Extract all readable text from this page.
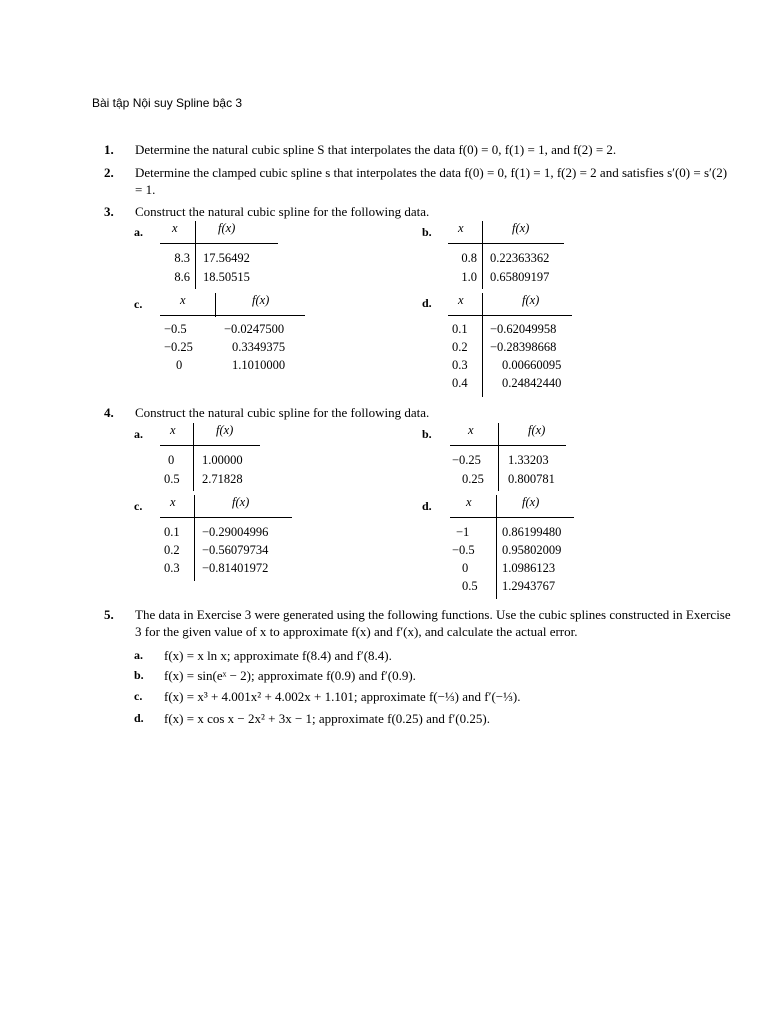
Bài tập Nội suy Spline bậc 3
1. Determine the natural cubic spline S that interpolates the data f(0) = 0, f(1) = 1, and f(2) = 2.
2. Determine the clamped cubic spline s that interpolates the data f(0) = 0, f(1) = 1, f(2) = 2 and satisfies s′(0) = s′(2) = 1.
3. Construct the natural cubic spline for the following data.
a. x	f(x)
8.3 17.56492
8.6 18.50515
b. x	f(x)
0.8 0.22363362
1.0 0.65809197
c.	x	f(x)
−0.5	−0.0247500
−0.25	0.3349375
0	1.1010000
d. x	f(x)
0.1 −0.62049958
0.2 −0.28398668
0.3	0.00660095
0.4	0.24842440
4. Construct the natural cubic spline for the following data.
a. x	f(x)
0 1.00000
0.5 2.71828
b.	x	f(x)
−0.25 1.33203
0.25 0.800781
c. x	f(x)
0.1 −0.29004996
0.2 −0.56079734
0.3 −0.81401972
d.	x	f(x)
−1	0.86199480
−0.5 0.95802009
0	1.0986123
0.5 1.2943767
5. The data in Exercise 3 were generated using the following functions. Use the cubic splines constructed in Exercise 3 for the given value of x to approximate f(x) and f′(x), and calculate the actual error.
a. f(x) = x ln x; approximate f(8.4) and f′(8.4).
b. f(x) = sin(eˣ − 2); approximate f(0.9) and f′(0.9).
c. f(x) = x³ + 4.001x² + 4.002x + 1.101; approximate f(−⅓) and f′(−⅓).
d. f(x) = x cos x − 2x² + 3x − 1; approximate f(0.25) and f′(0.25).
